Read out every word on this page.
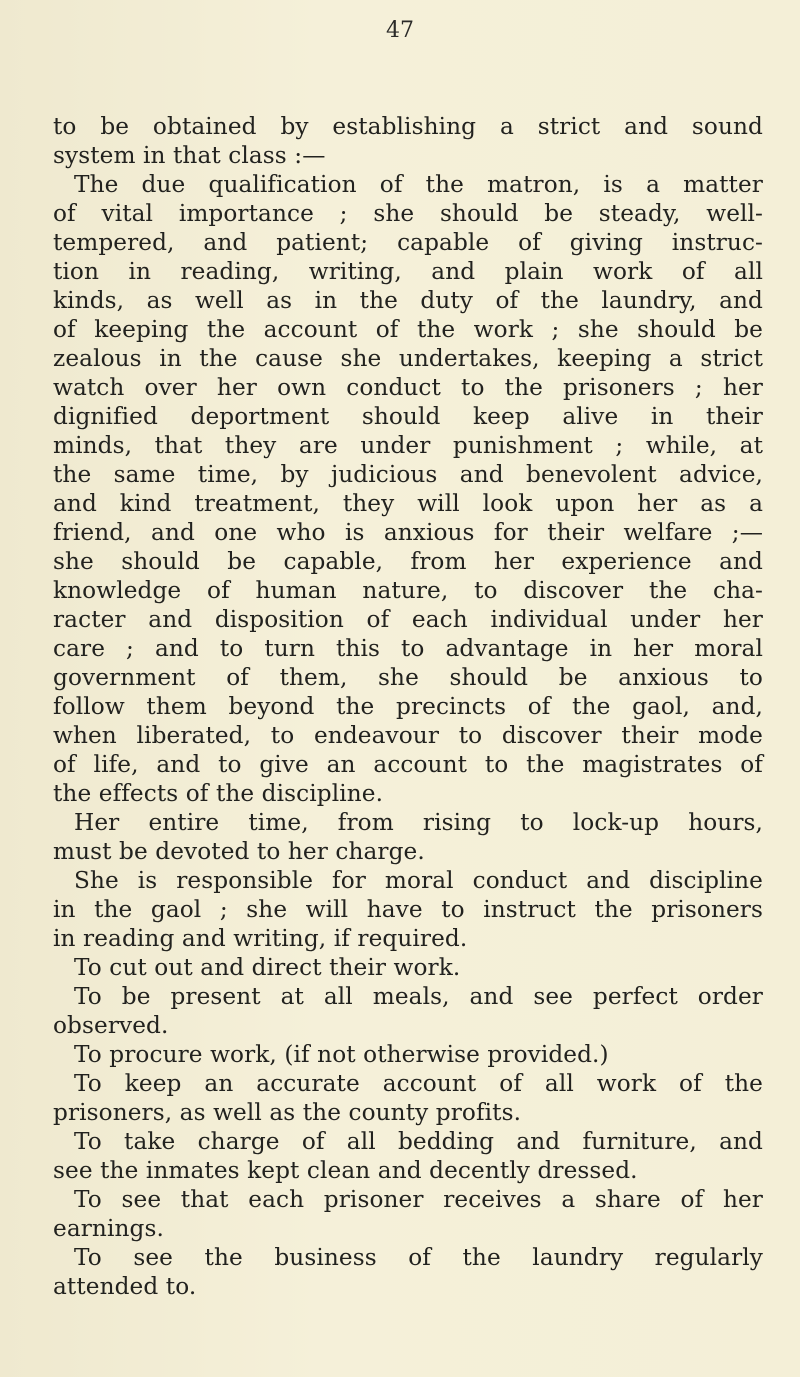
47
to be obtained by establishing a strict and sound
system in that class :—
The due qualification of the matron, is a matter
of vital importance ; she should be steady, well-
tempered, and patient; capable of giving instruc-
tion in reading, writing, and plain work of all
kinds, as well as in the duty of the laundry, and
of keeping the account of the work ; she should be
zealous in the cause she undertakes, keeping a strict
watch over her own conduct to the prisoners ; her
dignified deportment should keep alive in their
minds, that they are under punishment ; while, at
the same time, by judicious and benevolent advice,
and kind treatment, they will look upon her as a
friend, and one who is anxious for their welfare ;—
she should be capable, from her experience and
knowledge of human nature, to discover the cha-
racter and disposition of each individual under her
care ; and to turn this to advantage in her moral
government of them, she should be anxious to
follow them beyond the precincts of the gaol, and,
when liberated, to endeavour to discover their mode
of life, and to give an account to the magistrates of
the effects of the discipline.
Her entire time, from rising to lock-up hours,
must be devoted to her charge.
She is responsible for moral conduct and discipline
in the gaol ; she will have to instruct the prisoners
in reading and writing, if required.
To cut out and direct their work.
To be present at all meals, and see perfect order
observed.
To procure work, (if not otherwise provided.)
To keep an accurate account of all work of the
prisoners, as well as the county profits.
To take charge of all bedding and furniture, and
see the inmates kept clean and decently dressed.
To see that each prisoner receives a share of her
earnings.
To see the business of the laundry regularly
attended to.
